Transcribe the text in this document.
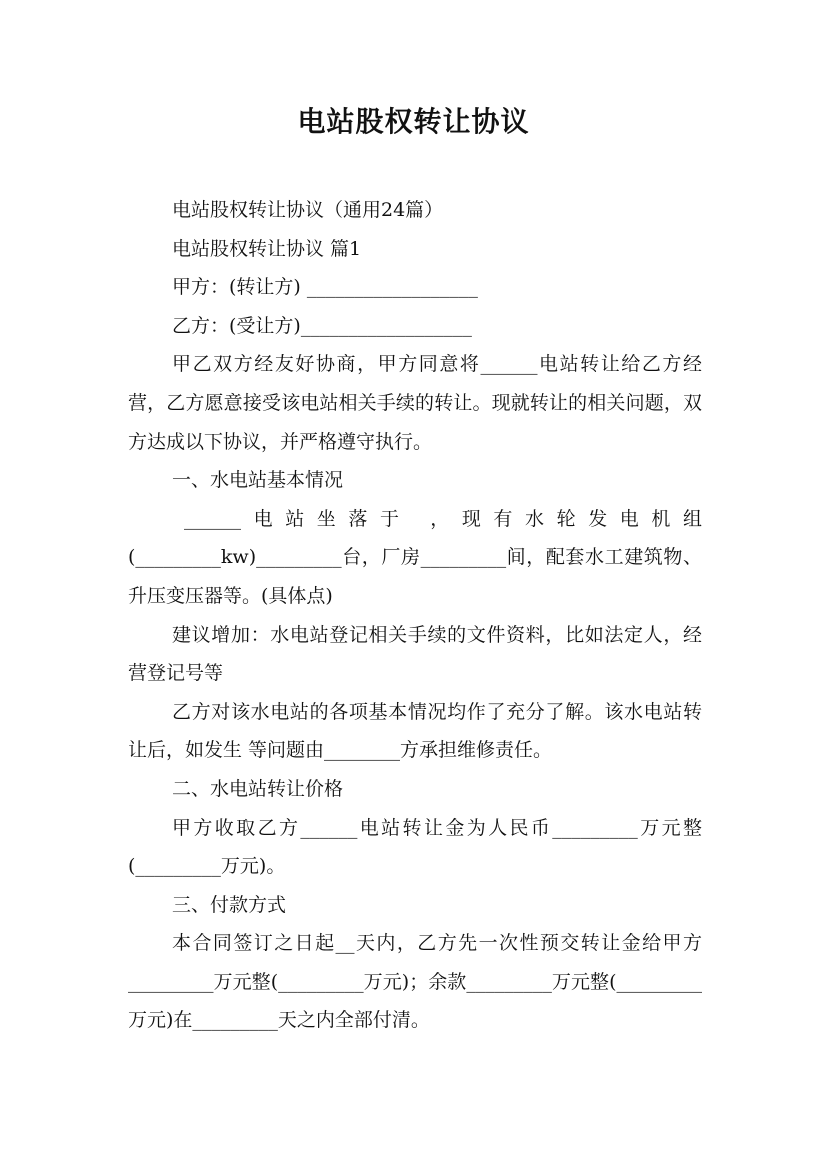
电站股权转让协议

电站股权转让协议（通用24篇）

电站股权转让协议 篇1

甲方：(转让方) __________________

乙方：(受让方)__________________

甲乙双方经友好协商，甲方同意将______电站转让给乙方经营，乙方愿意接受该电站相关手续的转让。现就转让的相关问题，双方达成以下协议，并严格遵守执行。

一、水电站基本情况

______电站坐落于 ，现有水轮发电机组

(_________kw)_________台，厂房_________间，配套水工建筑物、升压变压器等。(具体点)

建议增加：水电站登记相关手续的文件资料，比如法定人，经营登记号等

乙方对该水电站的各项基本情况均作了充分了解。该水电站转让后，如发生 等问题由________方承担维修责任。

二、水电站转让价格

甲方收取乙方______电站转让金为人民币_________万元整(_________万元)。

三、付款方式

本合同签订之日起__天内，乙方先一次性预交转让金给甲方_________万元整(_________万元)；余款_________万元整(_________万元)在_________天之内全部付清。
